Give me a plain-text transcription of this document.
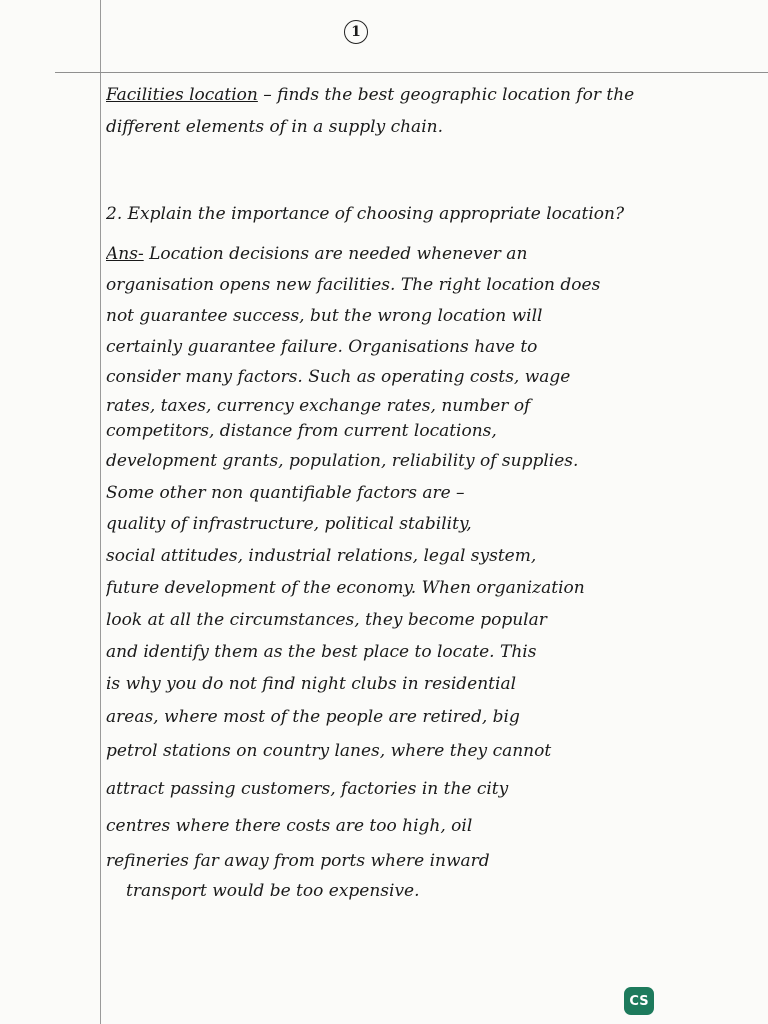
1
Facilities location – finds the best geographic location for the
different elements of in a supply chain.
2. Explain the importance of choosing appropriate location?
Ans- Location decisions are needed whenever an
organisation opens new facilities. The right location does
not guarantee success, but the wrong location will
certainly guarantee failure. Organisations have to
consider many factors. Such as operating costs, wage
rates, taxes, currency exchange rates, number of
competitors, distance from current locations,
development grants, population, reliability of supplies.
Some other non quantifiable factors are –
quality of infrastructure, political stability,
social attitudes, industrial relations, legal system,
future development of the economy. When organization
look at all the circumstances, they become popular
and identify them as the best place to locate. This
is why you do not find night clubs in residential
areas, where most of the people are retired, big
petrol stations on country lanes, where they cannot
attract passing customers, factories in the city
centres where there costs are too high, oil
refineries far away from ports where inward
transport would be too expensive.
CS
